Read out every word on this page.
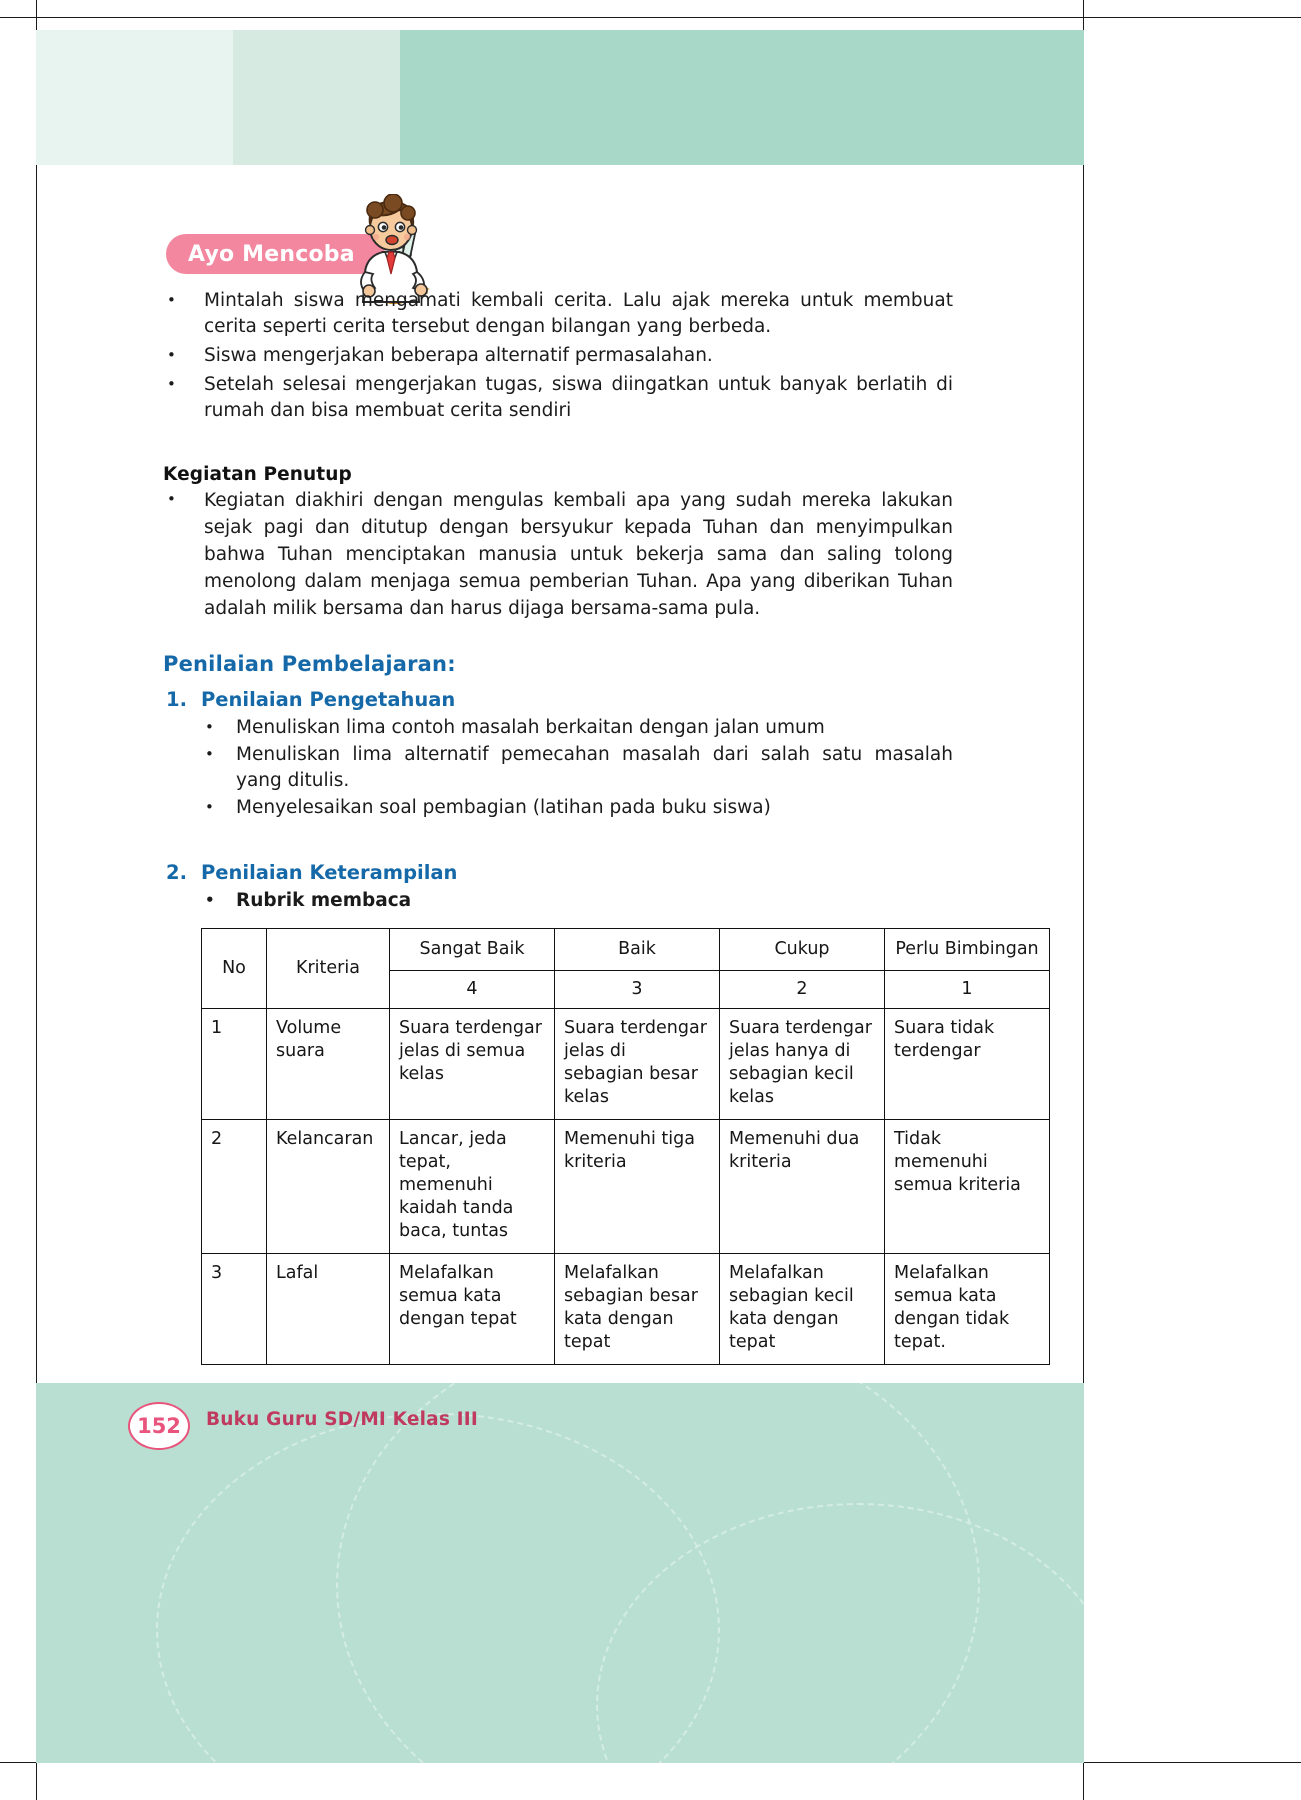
Ayo Mencoba
• Mintalah siswa mengamati kembali cerita. Lalu ajak mereka untuk membuat cerita seperti cerita tersebut dengan bilangan yang berbeda.
• Siswa mengerjakan beberapa alternatif permasalahan.
• Setelah selesai mengerjakan tugas, siswa diingatkan untuk banyak berlatih di rumah dan bisa membuat cerita sendiri
Kegiatan Penutup
• Kegiatan diakhiri dengan mengulas kembali apa yang sudah mereka lakukan sejak pagi dan ditutup dengan bersyukur kepada Tuhan dan menyimpulkan bahwa Tuhan menciptakan manusia untuk bekerja sama dan saling tolong menolong dalam menjaga semua pemberian Tuhan. Apa yang diberikan Tuhan adalah milik bersama dan harus dijaga bersama-sama pula.
Penilaian Pembelajaran:
1. Penilaian Pengetahuan
• Menuliskan lima contoh masalah berkaitan dengan jalan umum
• Menuliskan lima alternatif pemecahan masalah dari salah satu masalah yang ditulis.
• Menyelesaikan soal pembagian (latihan pada buku siswa)
2. Penilaian Keterampilan
• Rubrik membaca
No	Kriteria	Sangat Baik	Baik	Cukup	Perlu Bimbingan
		4	3	2	1
1	Volume suara	Suara terdengar jelas di semua kelas	Suara terdengar jelas di sebagian besar kelas	Suara terdengar jelas hanya di sebagian kecil kelas	Suara tidak terdengar
2	Kelancaran	Lancar, jeda tepat, memenuhi kaidah tanda baca, tuntas	Memenuhi tiga kriteria	Memenuhi dua kriteria	Tidak memenuhi semua kriteria
3	Lafal	Melafalkan semua kata dengan tepat	Melafalkan sebagian besar kata dengan tepat	Melafalkan sebagian kecil kata dengan tepat	Melafalkan semua kata dengan tidak tepat.
152 Buku Guru SD/MI Kelas III
